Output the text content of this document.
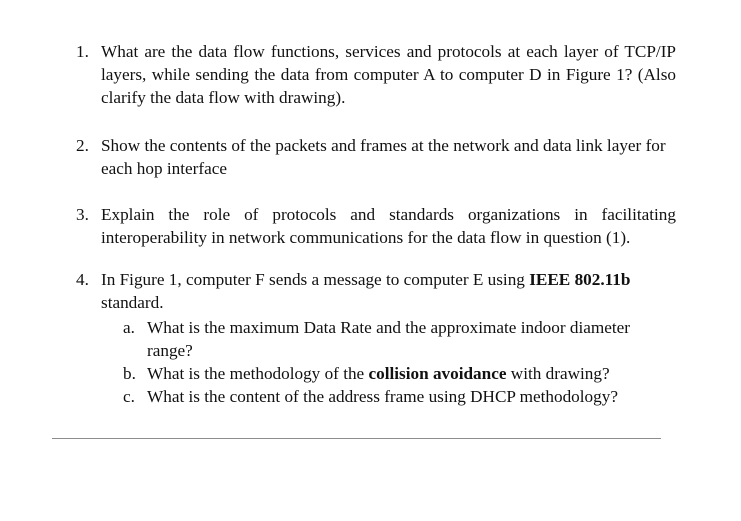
1. What are the data flow functions, services and protocols at each layer of TCP/IP layers, while sending the data from computer A to computer D in Figure 1? (Also clarify the data flow with drawing).
2. Show the contents of the packets and frames at the network and data link layer for each hop interface
3. Explain the role of protocols and standards organizations in facilitating interoperability in network communications for the data flow in question (1).
4. In Figure 1, computer F sends a message to computer E using IEEE 802.11b standard.
a. What is the maximum Data Rate and the approximate indoor diameter range?
b. What is the methodology of the collision avoidance with drawing?
c. What is the content of the address frame using DHCP methodology?
